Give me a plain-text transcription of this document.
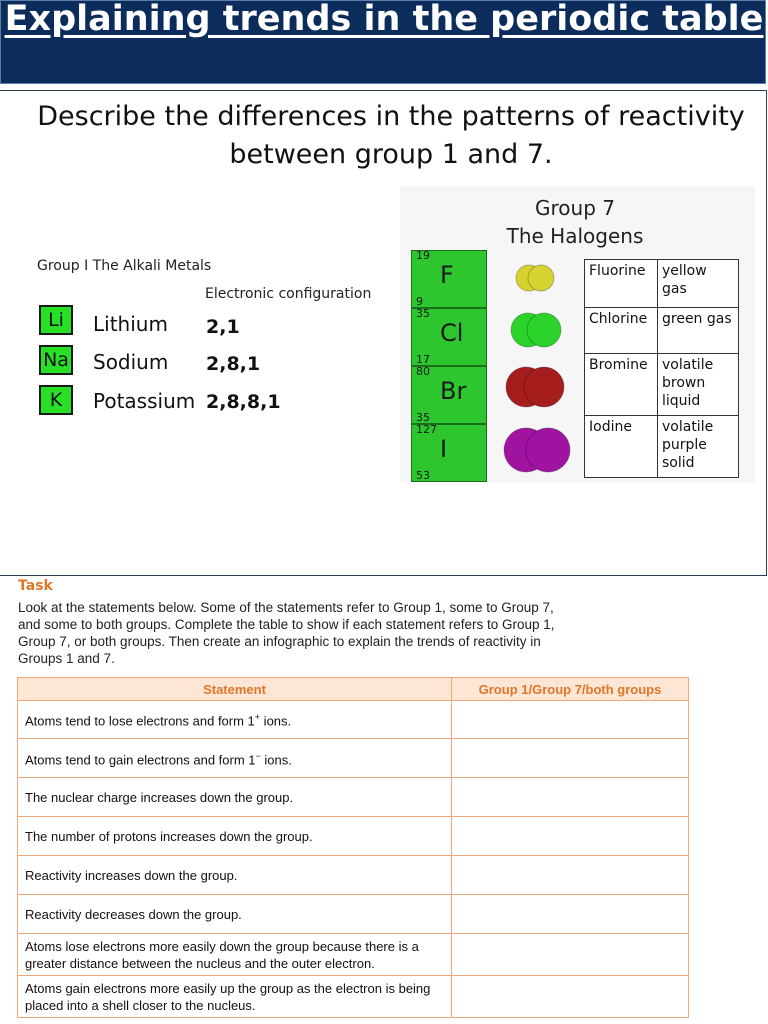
Explaining trends in the periodic table
Describe the differences in the patterns of reactivity between group 1 and 7.
Group I The Alkali Metals
Electronic configuration
Li	Lithium 2,1
Na Sodium 2,8,1
K	Potassium 2,8,8,1
Group 7
The Halogens
19
F
9
35
Cl
17
80
Br
35
127
I
53
Fluorine	yellow gas
Chlorine	green gas
Bromine	volatile brown liquid
Iodine	volatile purple solid
Task
Look at the statements below. Some of the statements refer to Group 1, some to Group 7, and some to both groups. Complete the table to show if each statement refers to Group 1, Group 7, or both groups. Then create an infographic to explain the trends of reactivity in Groups 1 and 7.
Statement	Group 1/Group 7/both groups
Atoms tend to lose electrons and form 1+ ions.	
Atoms tend to gain electrons and form 1− ions.	
The nuclear charge increases down the group.	
The number of protons increases down the group.	
Reactivity increases down the group.	
Reactivity decreases down the group.	
Atoms lose electrons more easily down the group because there is a greater distance between the nucleus and the outer electron.	
Atoms gain electrons more easily up the group as the electron is being placed into a shell closer to the nucleus.	
